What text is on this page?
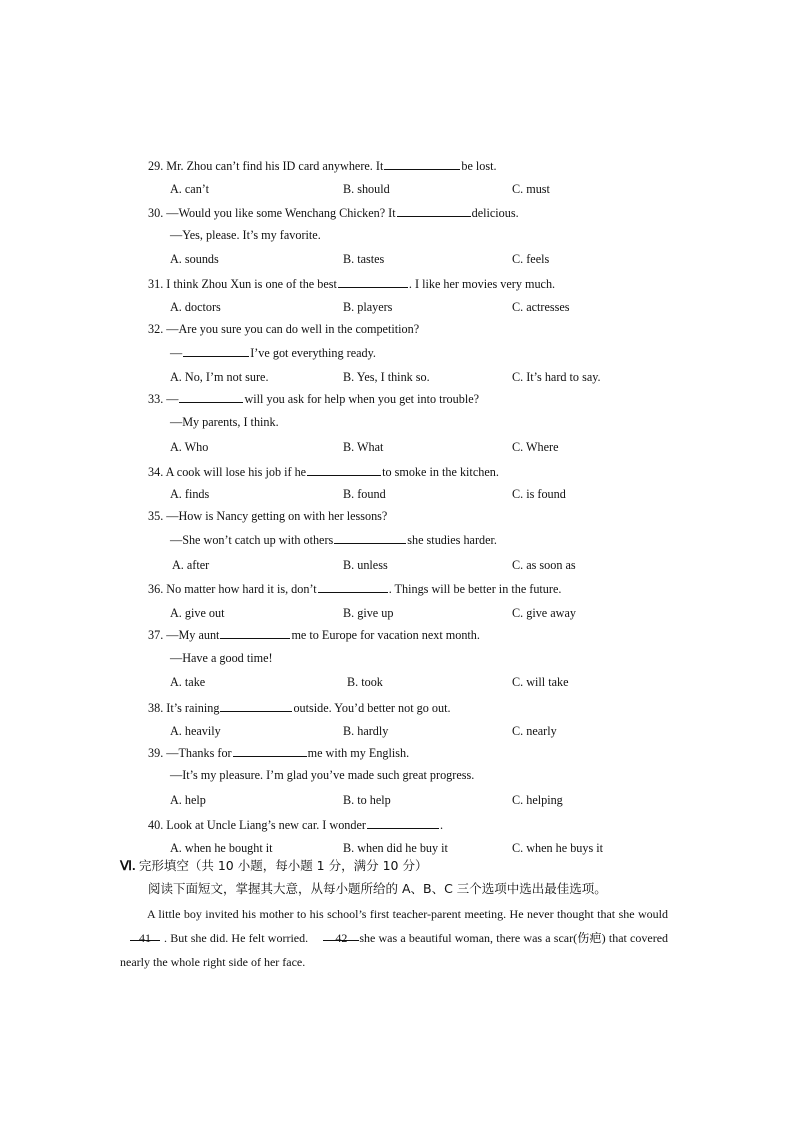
29. Mr. Zhou can’t find his ID card anywhere. It	be lost.
A. can’t	B. should	C. must
30. —Would you like some Wenchang Chicken? It	delicious.
—Yes, please. It’s my favorite.
A. sounds	B. tastes	C. feels
31. I think Zhou Xun is one of the best	. I like her movies very much.
A. doctors	B. players	C. actresses
32. —Are you sure you can do well in the competition?
—	I’ve got everything ready.
A. No, I’m not sure.	B. Yes, I think so.	C. It’s hard to say.
33. —	will you ask for help when you get into trouble?
—My parents, I think.
A. Who	B. What	C. Where
34. A cook will lose his job if he	to smoke in the kitchen.
A. finds	B. found	C. is found
35. —How is Nancy getting on with her lessons?
—She won’t catch up with others	she studies harder.
A. after	B. unless	C. as soon as
36. No matter how hard it is, don’t	. Things will be better in the future.
A. give out	B. give up	C. give away
37. —My aunt	me to Europe for vacation next month.
—Have a good time!
A. take	B. took	C. will take
38. It’s raining	outside. You’d better not go out.
A. heavily	B. hardly	C. nearly
39. —Thanks for	me with my English.
—It’s my pleasure. I’m glad you’ve made such great progress.
A. help	B. to help	C. helping
40. Look at Uncle Liang’s new car. I wonder	.
A. when he bought it	B. when did he buy it	C. when he buys it
Ⅵ. 完形填空（共 10 小题，每小题 1 分，满分 10 分）
阅读下面短文，掌握其大意，从每小题所给的 A、B、C 三个选项中选出最佳选项。
A little boy invited his mother to his school’s first teacher-parent meeting. He never thought that she would 41 . But she did. He felt worried. 42 she was a beautiful woman, there was a scar(伤疤) that covered nearly the whole right side of her face.
